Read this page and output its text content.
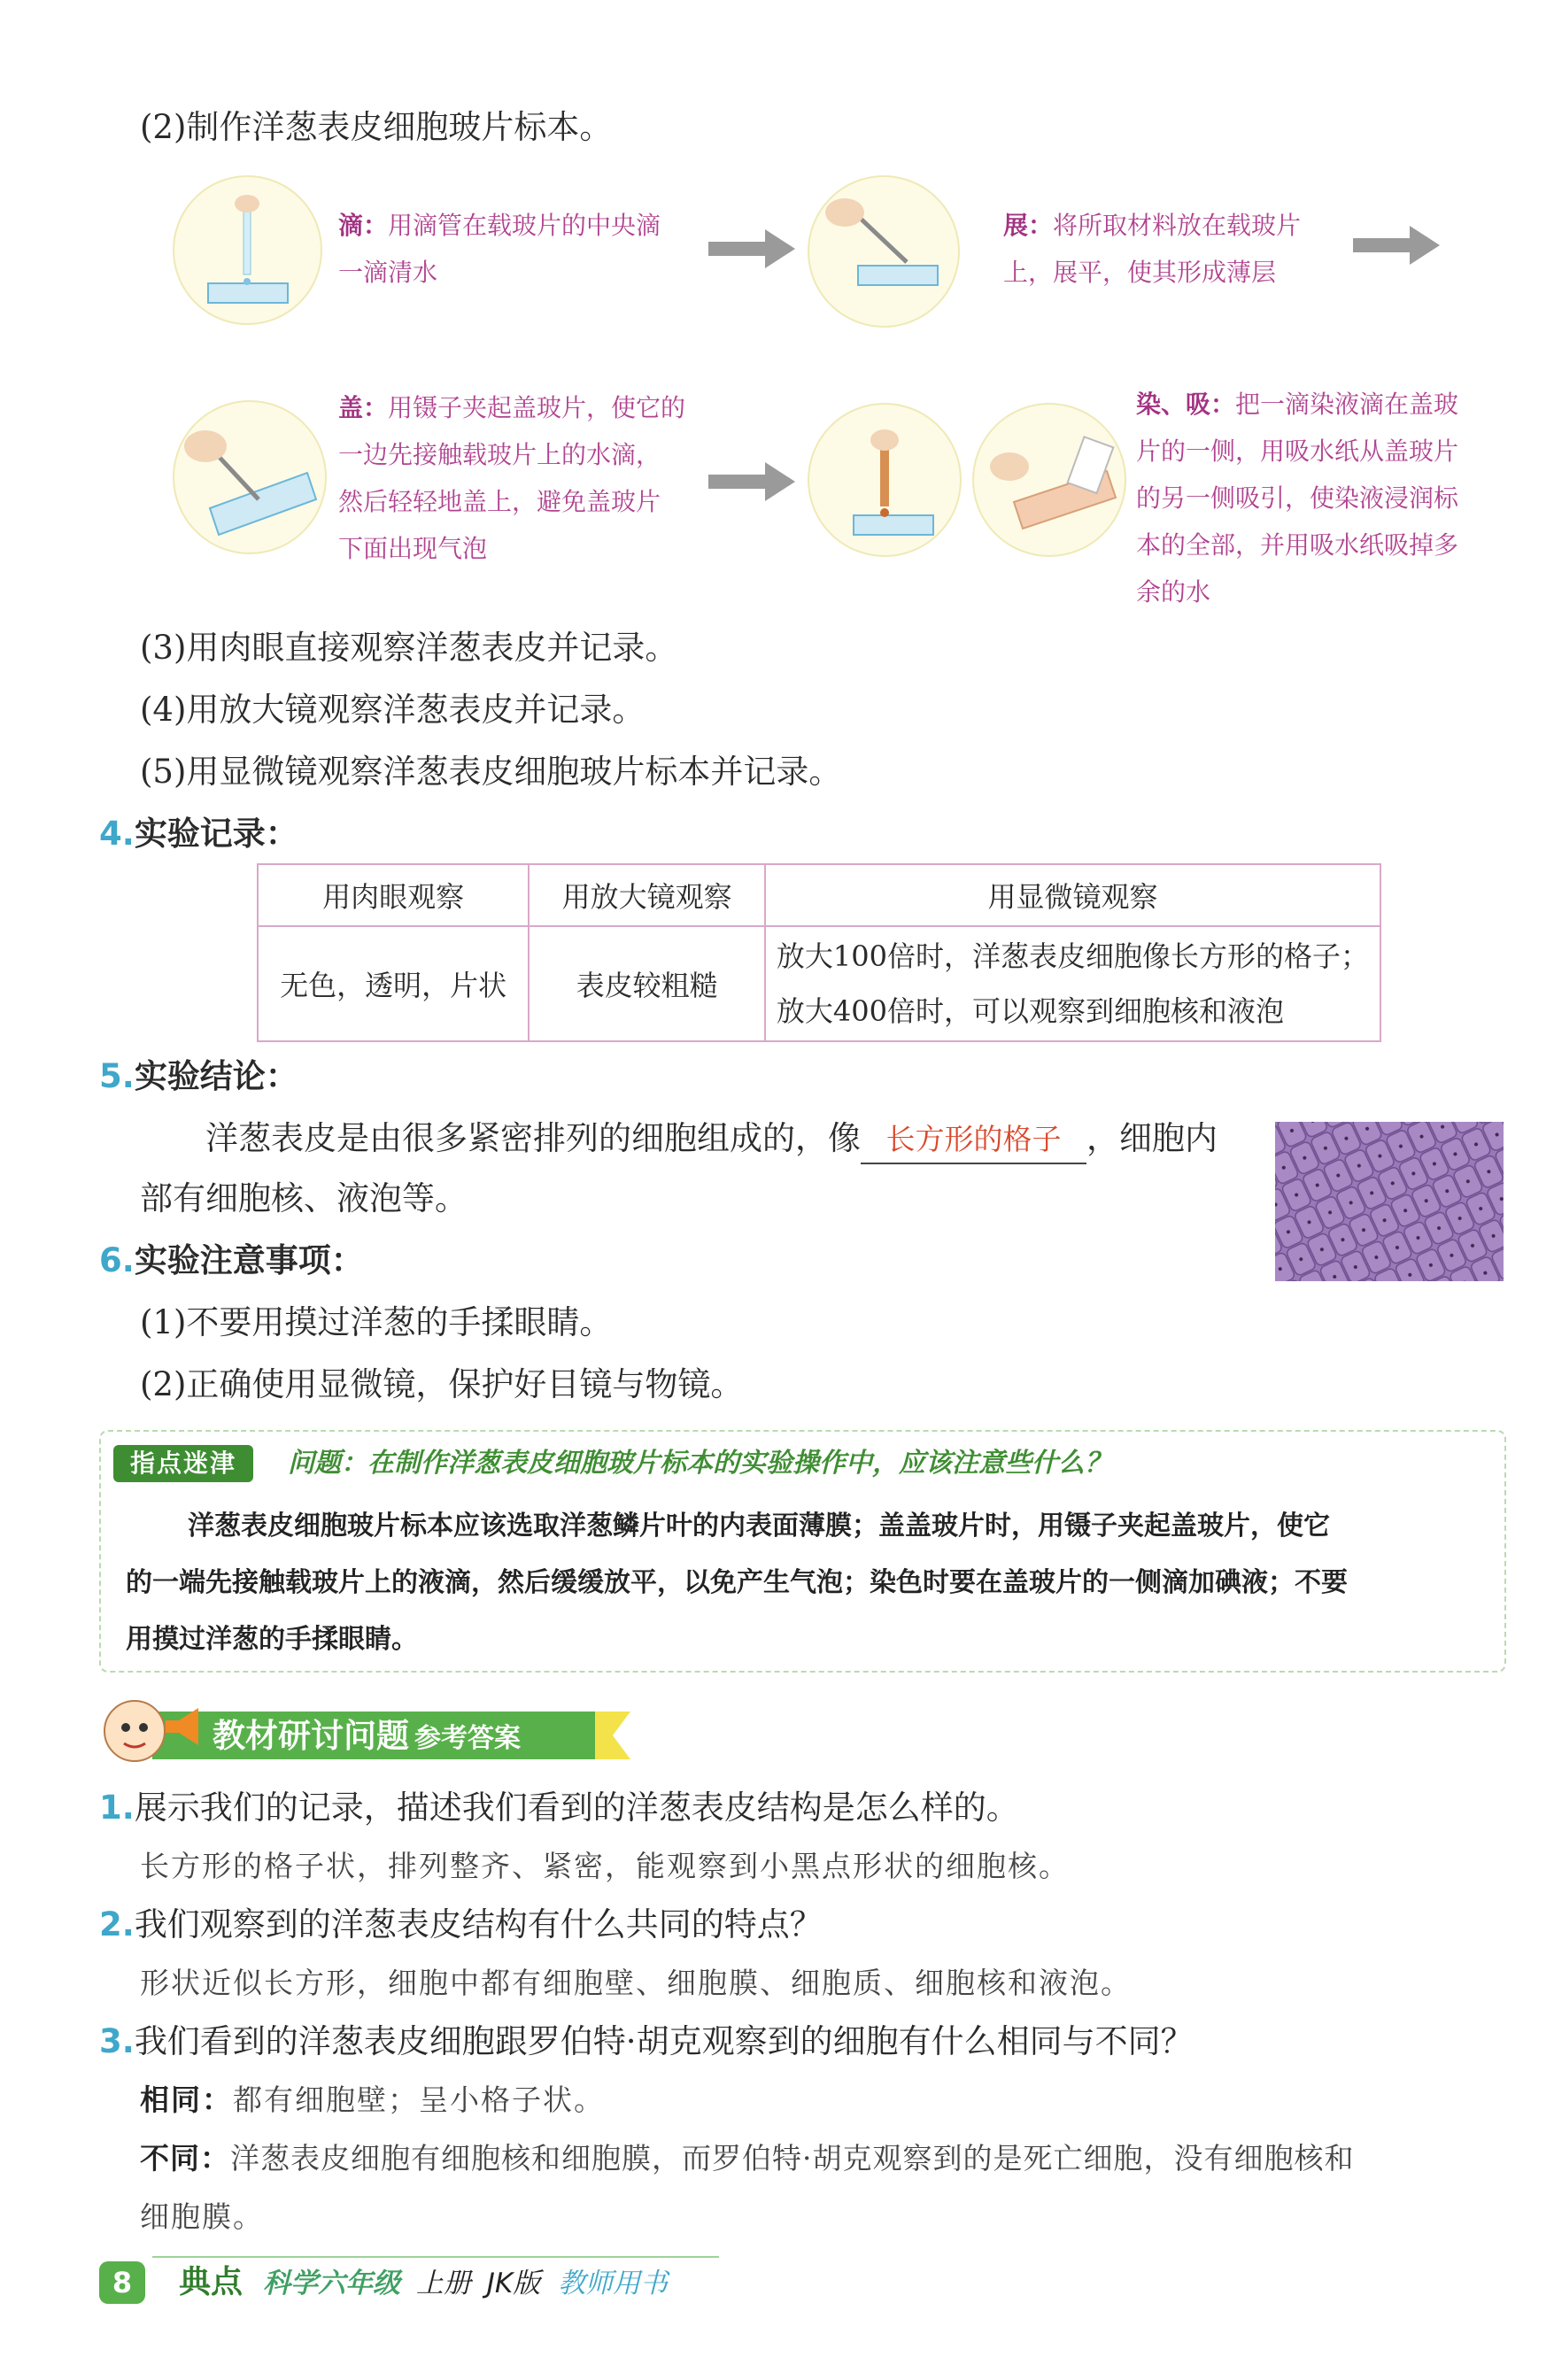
(2)制作洋葱表皮细胞玻片标本。
滴：用滴管在载玻片的中央滴
一滴清水
展：将所取材料放在载玻片
上，展平，使其形成薄层
盖：用镊子夹起盖玻片，使它的
一边先接触载玻片上的水滴，
然后轻轻地盖上，避免盖玻片
下面出现气泡
染、吸：把一滴染液滴在盖玻
片的一侧，用吸水纸从盖玻片
的另一侧吸引，使染液浸润标
本的全部，并用吸水纸吸掉多
余的水
(3)用肉眼直接观察洋葱表皮并记录。
(4)用放大镜观察洋葱表皮并记录。
(5)用显微镜观察洋葱表皮细胞玻片标本并记录。
4.实验记录：
用肉眼观察	用放大镜观察	用显微镜观察
无色，透明，片状	表皮较粗糙	放大100倍时，洋葱表皮细胞像长方形的格子；
放大400倍时，可以观察到细胞核和液泡
5.实验结论：
洋葱表皮是由很多紧密排列的细胞组成的，像 长方形的格子 ，细胞内
部有细胞核、液泡等。
6.实验注意事项：
(1)不要用摸过洋葱的手揉眼睛。
(2)正确使用显微镜，保护好目镜与物镜。
指点迷津	问题：在制作洋葱表皮细胞玻片标本的实验操作中，应该注意些什么？
洋葱表皮细胞玻片标本应该选取洋葱鳞片叶的内表面薄膜；盖盖玻片时，用镊子夹起盖玻片，使它
的一端先接触载玻片上的液滴，然后缓缓放平，以免产生气泡；染色时要在盖玻片的一侧滴加碘液；不要
用摸过洋葱的手揉眼睛。
教材研讨问题 参考答案
1.展示我们的记录，描述我们看到的洋葱表皮结构是怎么样的。
长方形的格子状，排列整齐、紧密，能观察到小黑点形状的细胞核。
2.我们观察到的洋葱表皮结构有什么共同的特点？
形状近似长方形，细胞中都有细胞壁、细胞膜、细胞质、细胞核和液泡。
3.我们看到的洋葱表皮细胞跟罗伯特·胡克观察到的细胞有什么相同与不同？
相同：都有细胞壁；呈小格子状。
不同：洋葱表皮细胞有细胞核和细胞膜，而罗伯特·胡克观察到的是死亡细胞，没有细胞核和
细胞膜。
8	典点 科学六年级 上册 JK版 教师用书
